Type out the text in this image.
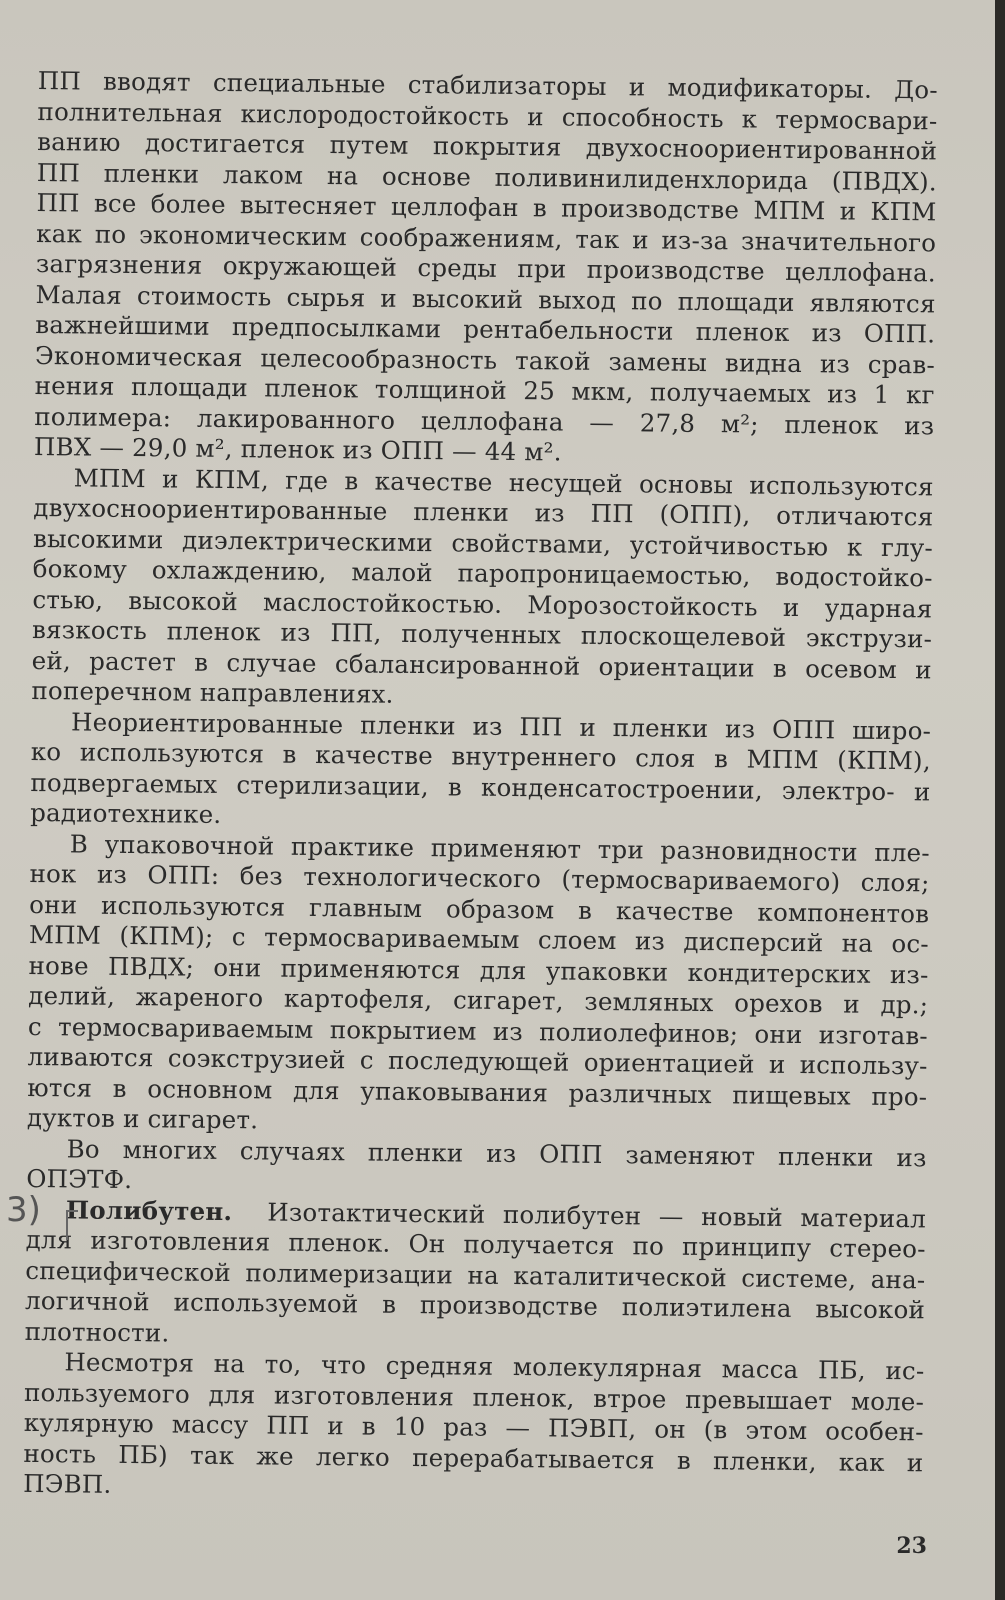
ПП вводят специальные стабилизаторы и модификаторы. До-
полнительная кислородостойкость и способность к термосвари-
ванию достигается путем покрытия двухосноориентированной
ПП пленки лаком на основе поливинилиденхлорида (ПВДХ).
ПП все более вытесняет целлофан в производстве МПМ и КПМ
как по экономическим соображениям, так и из-за значительного
загрязнения окружающей среды при производстве целлофана.
Малая стоимость сырья и высокий выход по площади являются
важнейшими предпосылками рентабельности пленок из ОПП.
Экономическая целесообразность такой замены видна из срав-
нения площади пленок толщиной 25 мкм, получаемых из 1 кг
полимера: лакированного целлофана — 27,8 м²; пленок из
ПВХ — 29,0 м², пленок из ОПП — 44 м².
МПМ и КПМ, где в качестве несущей основы используются
двухосноориентированные пленки из ПП (ОПП), отличаются
высокими диэлектрическими свойствами, устойчивостью к глу-
бокому охлаждению, малой паропроницаемостью, водостойко-
стью, высокой маслостойкостью. Морозостойкость и ударная
вязкость пленок из ПП, полученных плоскощелевой экструзи-
ей, растет в случае сбалансированной ориентации в осевом и
поперечном направлениях.
Неориентированные пленки из ПП и пленки из ОПП широ-
ко используются в качестве внутреннего слоя в МПМ (КПМ),
подвергаемых стерилизации, в конденсатостроении, электро- и
радиотехнике.
В упаковочной практике применяют три разновидности пле-
нок из ОПП: без технологического (термосвариваемого) слоя;
они используются главным образом в качестве компонентов
МПМ (КПМ); с термосвариваемым слоем из дисперсий на ос-
нове ПВДХ; они применяются для упаковки кондитерских из-
делий, жареного картофеля, сигарет, земляных орехов и др.;
с термосвариваемым покрытием из полиолефинов; они изготав-
ливаются соэкструзией с последующей ориентацией и использу-
ются в основном для упаковывания различных пищевых про-
дуктов и сигарет.
Во многих случаях пленки из ОПП заменяют пленки из
ОПЭТФ.
Полибутен. Изотактический полибутен — новый материал
для изготовления пленок. Он получается по принципу стерео-
специфической полимеризации на каталитической системе, ана-
логичной используемой в производстве полиэтилена высокой
плотности.
Несмотря на то, что средняя молекулярная масса ПБ, ис-
пользуемого для изготовления пленок, втрое превышает моле-
кулярную массу ПП и в 10 раз — ПЭВП, он (в этом особен-
ность ПБ) так же легко перерабатывается в пленки, как и
ПЭВП.
3)
23
